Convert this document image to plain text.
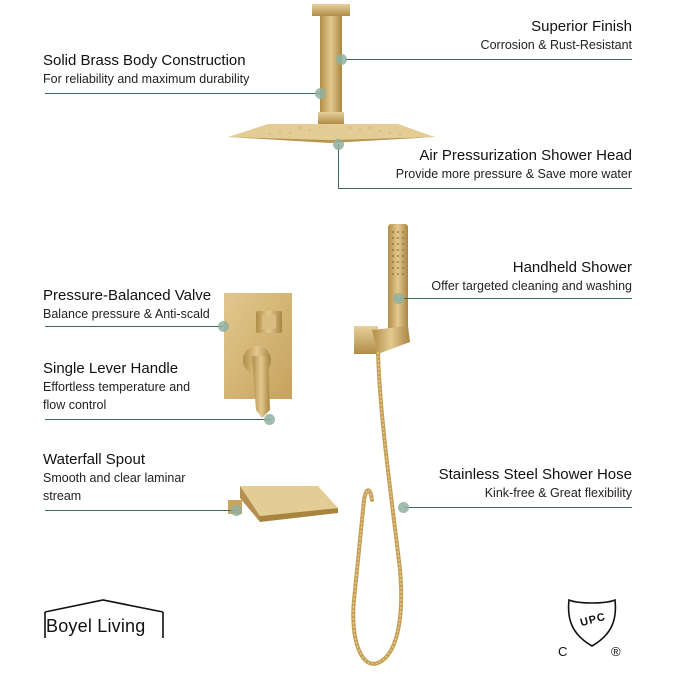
Superior Finish
Corrosion & Rust-Resistant
Air Pressurization Shower Head
Provide more pressure & Save more water
Handheld Shower
Offer targeted cleaning and washing
Stainless Steel Shower Hose
Kink-free & Great flexibility
Solid Brass Body Construction
For reliability and maximum durability
Pressure-Balanced Valve
Balance pressure & Anti-scald
Single Lever Handle
Effortless temperature and
flow control
Waterfall Spout
Smooth and clear laminar
stream
Boyel Living	UPC
C	®
